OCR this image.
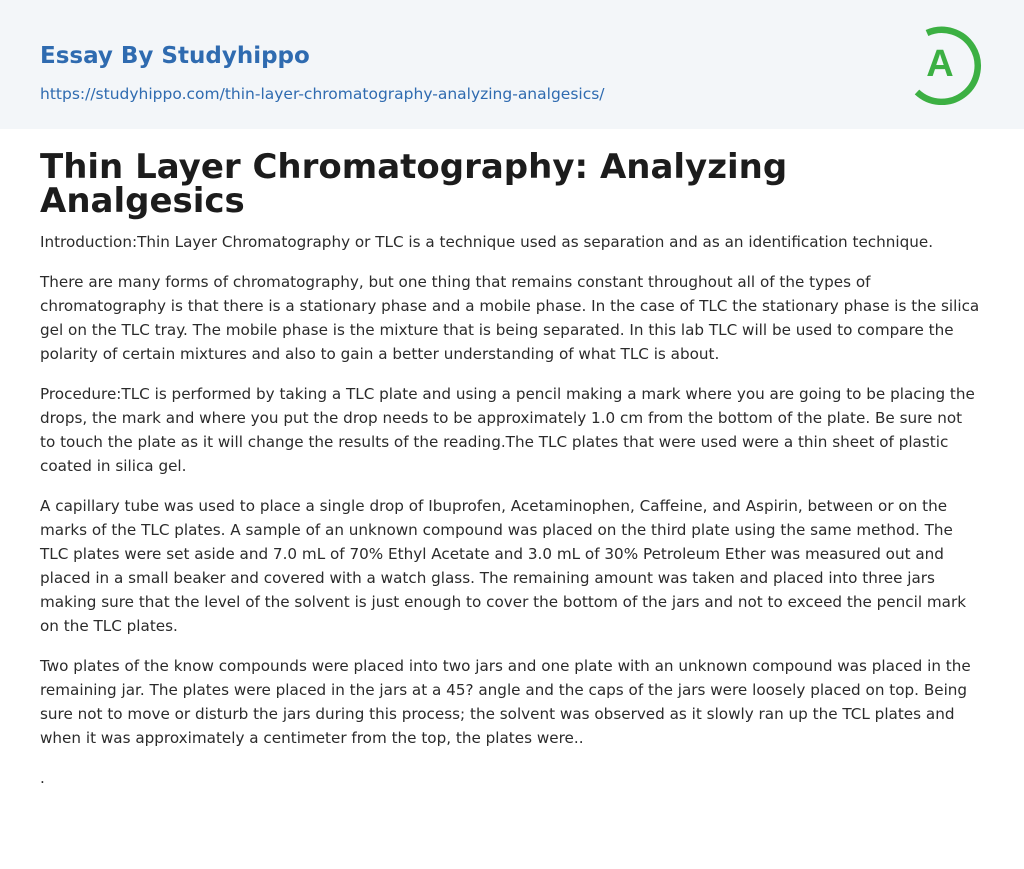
Essay By Studyhippo
https://studyhippo.com/thin-layer-chromatography-analyzing-analgesics/
A
Thin Layer Chromatography: Analyzing Analgesics

Introduction:Thin Layer Chromatography or TLC is a technique used as separation and as an identification technique.

There are many forms of chromatography, but one thing that remains constant throughout all of the types of chromatography is that there is a stationary phase and a mobile phase. In the case of TLC the stationary phase is the silica gel on the TLC tray. The mobile phase is the mixture that is being separated. In this lab TLC will be used to compare the polarity of certain mixtures and also to gain a better understanding of what TLC is about.

Procedure:TLC is performed by taking a TLC plate and using a pencil making a mark where you are going to be placing the drops, the mark and where you put the drop needs to be approximately 1.0 cm from the bottom of the plate. Be sure not to touch the plate as it will change the results of the reading.The TLC plates that were used were a thin sheet of plastic coated in silica gel.

A capillary tube was used to place a single drop of Ibuprofen, Acetaminophen, Caffeine, and Aspirin, between or on the marks of the TLC plates. A sample of an unknown compound was placed on the third plate using the same method. The TLC plates were set aside and 7.0 mL of 70% Ethyl Acetate and 3.0 mL of 30% Petroleum Ether was measured out and placed in a small beaker and covered with a watch glass. The remaining amount was taken and placed into three jars making sure that the level of the solvent is just enough to cover the bottom of the jars and not to exceed the pencil mark on the TLC plates.

Two plates of the know compounds were placed into two jars and one plate with an unknown compound was placed in the remaining jar. The plates were placed in the jars at a 45? angle and the caps of the jars were loosely placed on top. Being sure not to move or disturb the jars during this process; the solvent was observed as it slowly ran up the TCL plates and when it was approximately a centimeter from the top, the plates were..

.
